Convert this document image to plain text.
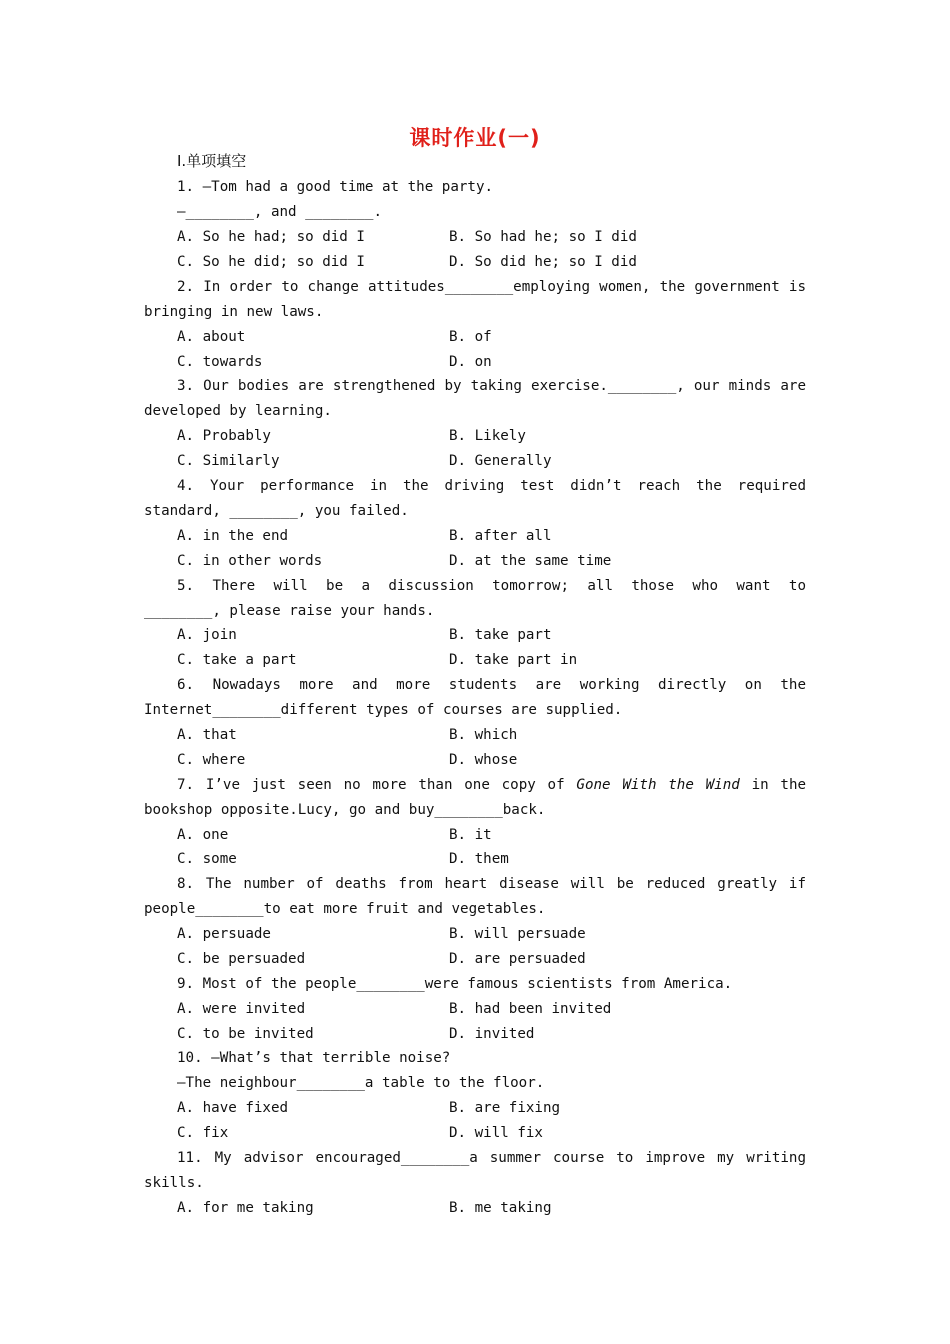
课时作业(一)
Ⅰ.单项填空
1. —Tom had a good time at the party.
—________, and ________.
A. So he had; so did I	B. So had he; so I did
C. So he did; so did I	D. So did he; so I did
2. In order to change attitudes________employing women, the government is
bringing in new laws.
A. about	B. of
C. towards	D. on
3. Our bodies are strengthened by taking exercise.________, our minds are
developed by learning.
A. Probably	B. Likely
C. Similarly	D. Generally
4. Your performance in the driving test didn’t reach the required
standard, ________, you failed.
A. in the end	B. after all
C. in other words	D. at the same time
5. There will be a discussion tomorrow; all those who want to
________, please raise your hands.
A. join	B. take part
C. take a part	D. take part in
6. Nowadays more and more students are working directly on the
Internet________different types of courses are supplied.
A. that	B. which
C. where	D. whose
7. I’ve just seen no more than one copy of Gone With the Wind in the
bookshop opposite.Lucy, go and buy________back.
A. one	B. it
C. some	D. them
8. The number of deaths from heart disease will be reduced greatly if
people________to eat more fruit and vegetables.
A. persuade	B. will persuade
C. be persuaded	D. are persuaded
9. Most of the people________were famous scientists from America.
A. were invited	B. had been invited
C. to be invited	D. invited
10. —What’s that terrible noise?
—The neighbour________a table to the floor.
A. have fixed	B. are fixing
C. fix	D. will fix
11. My advisor encouraged________a summer course to improve my writing
skills.
A. for me taking	B. me taking
